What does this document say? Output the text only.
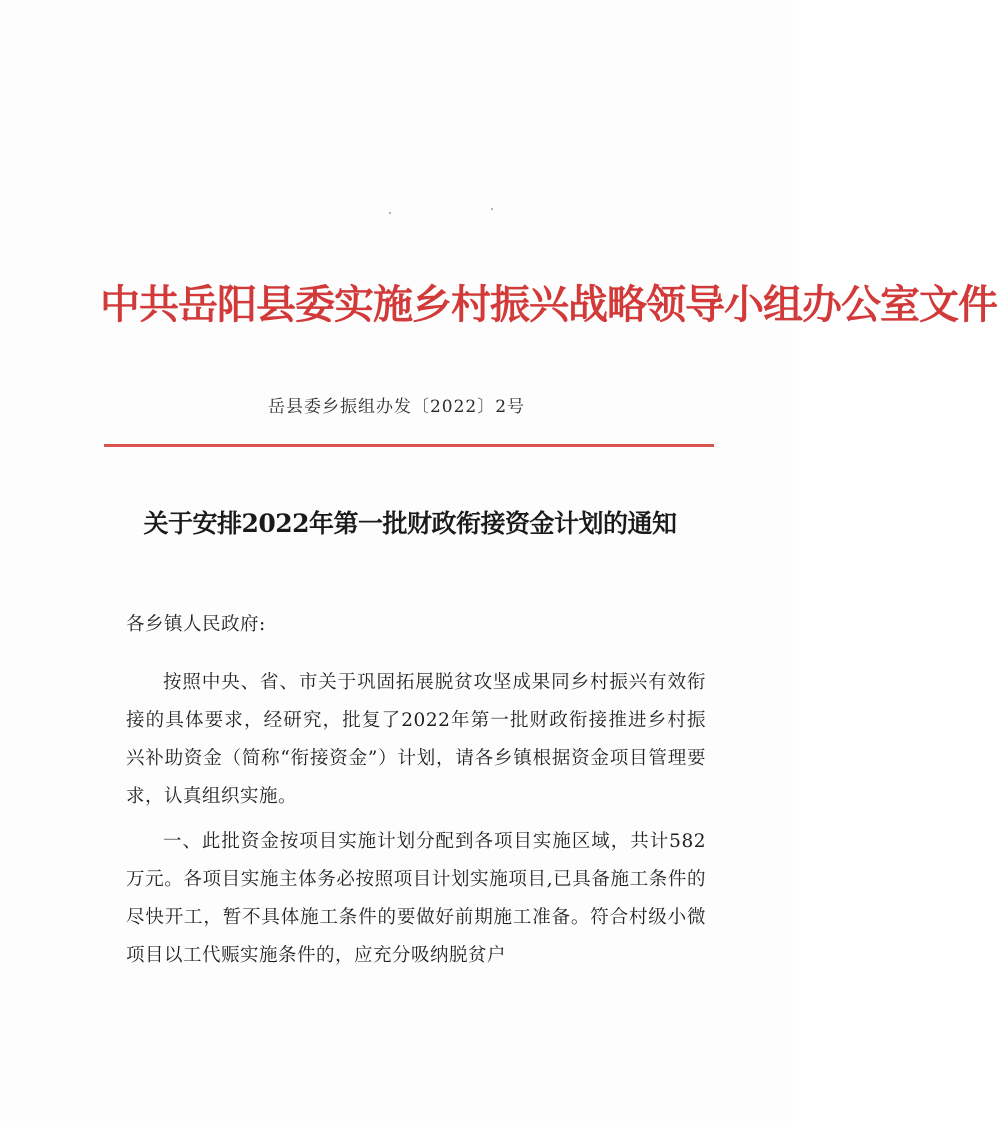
中共岳阳县委实施乡村振兴战略领导小组办公室文件
岳县委乡振组办发〔2022〕2号
关于安排2022年第一批财政衔接资金计划的通知
各乡镇人民政府:
按照中央、省、市关于巩固拓展脱贫攻坚成果同乡村振兴有效衔接的具体要求，经研究，批复了2022年第一批财政衔接推进乡村振兴补助资金（简称“衔接资金”）计划，请各乡镇根据资金项目管理要求，认真组织实施。
一、此批资金按项目实施计划分配到各项目实施区域，共计582万元。各项目实施主体务必按照项目计划实施项目,已具备施工条件的尽快开工，暂不具体施工条件的要做好前期施工准备。符合村级小微项目以工代赈实施条件的，应充分吸纳脱贫户
